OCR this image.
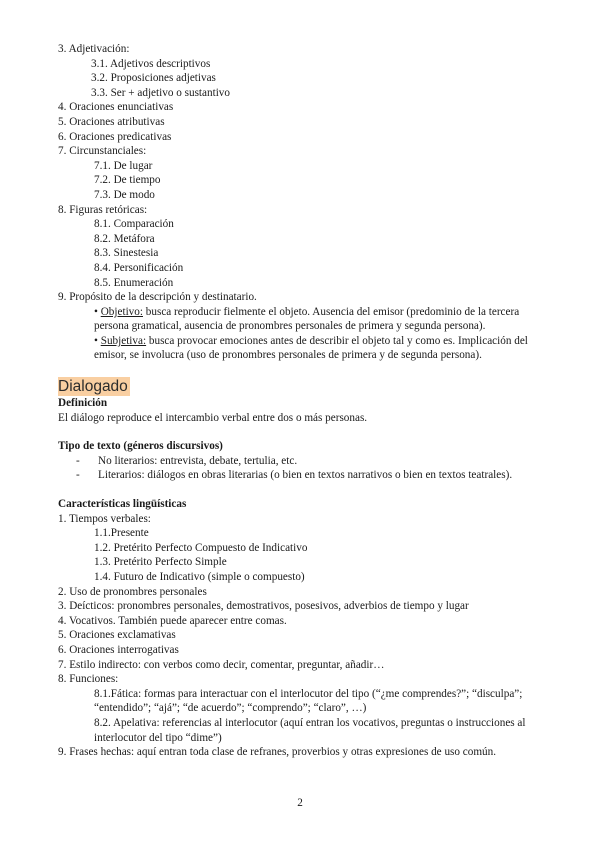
3. Adjetivación:
3.1. Adjetivos descriptivos
3.2. Proposiciones adjetivas
3.3. Ser + adjetivo o sustantivo
4. Oraciones enunciativas
5. Oraciones atributivas
6. Oraciones predicativas
7. Circunstanciales:
7.1. De lugar
7.2. De tiempo
7.3. De modo
8. Figuras retóricas:
8.1. Comparación
8.2. Metáfora
8.3. Sinestesia
8.4. Personificación
8.5. Enumeración
9. Propósito de la descripción y destinatario.
• Objetivo: busca reproducir fielmente el objeto. Ausencia del emisor (predominio de la tercera persona gramatical, ausencia de pronombres personales de primera y segunda persona).
• Subjetiva: busca provocar emociones antes de describir el objeto tal y como es. Implicación del emisor, se involucra (uso de pronombres personales de primera y de segunda persona).
Dialogado
Definición
El diálogo reproduce el intercambio verbal entre dos o más personas.
Tipo de texto (géneros discursivos)
- No literarios: entrevista, debate, tertulia, etc.
- Literarios: diálogos en obras literarias (o bien en textos narrativos o bien en textos teatrales).
Características lingüísticas
1. Tiempos verbales:
1.1.Presente
1.2. Pretérito Perfecto Compuesto de Indicativo
1.3. Pretérito Perfecto Simple
1.4. Futuro de Indicativo (simple o compuesto)
2. Uso de pronombres personales
3. Deícticos: pronombres personales, demostrativos, posesivos, adverbios de tiempo y lugar
4. Vocativos. También puede aparecer entre comas.
5. Oraciones exclamativas
6. Oraciones interrogativas
7. Estilo indirecto: con verbos como decir, comentar, preguntar, añadir…
8. Funciones:
8.1.Fática: formas para interactuar con el interlocutor del tipo (“¿me comprendes?”; “disculpa”; “entendido”; “ajá”; “de acuerdo”; “comprendo”; “claro”, …)
8.2. Apelativa: referencias al interlocutor (aquí entran los vocativos, preguntas o instrucciones al interlocutor del tipo “dime”)
9. Frases hechas: aquí entran toda clase de refranes, proverbios y otras expresiones de uso común.
2
